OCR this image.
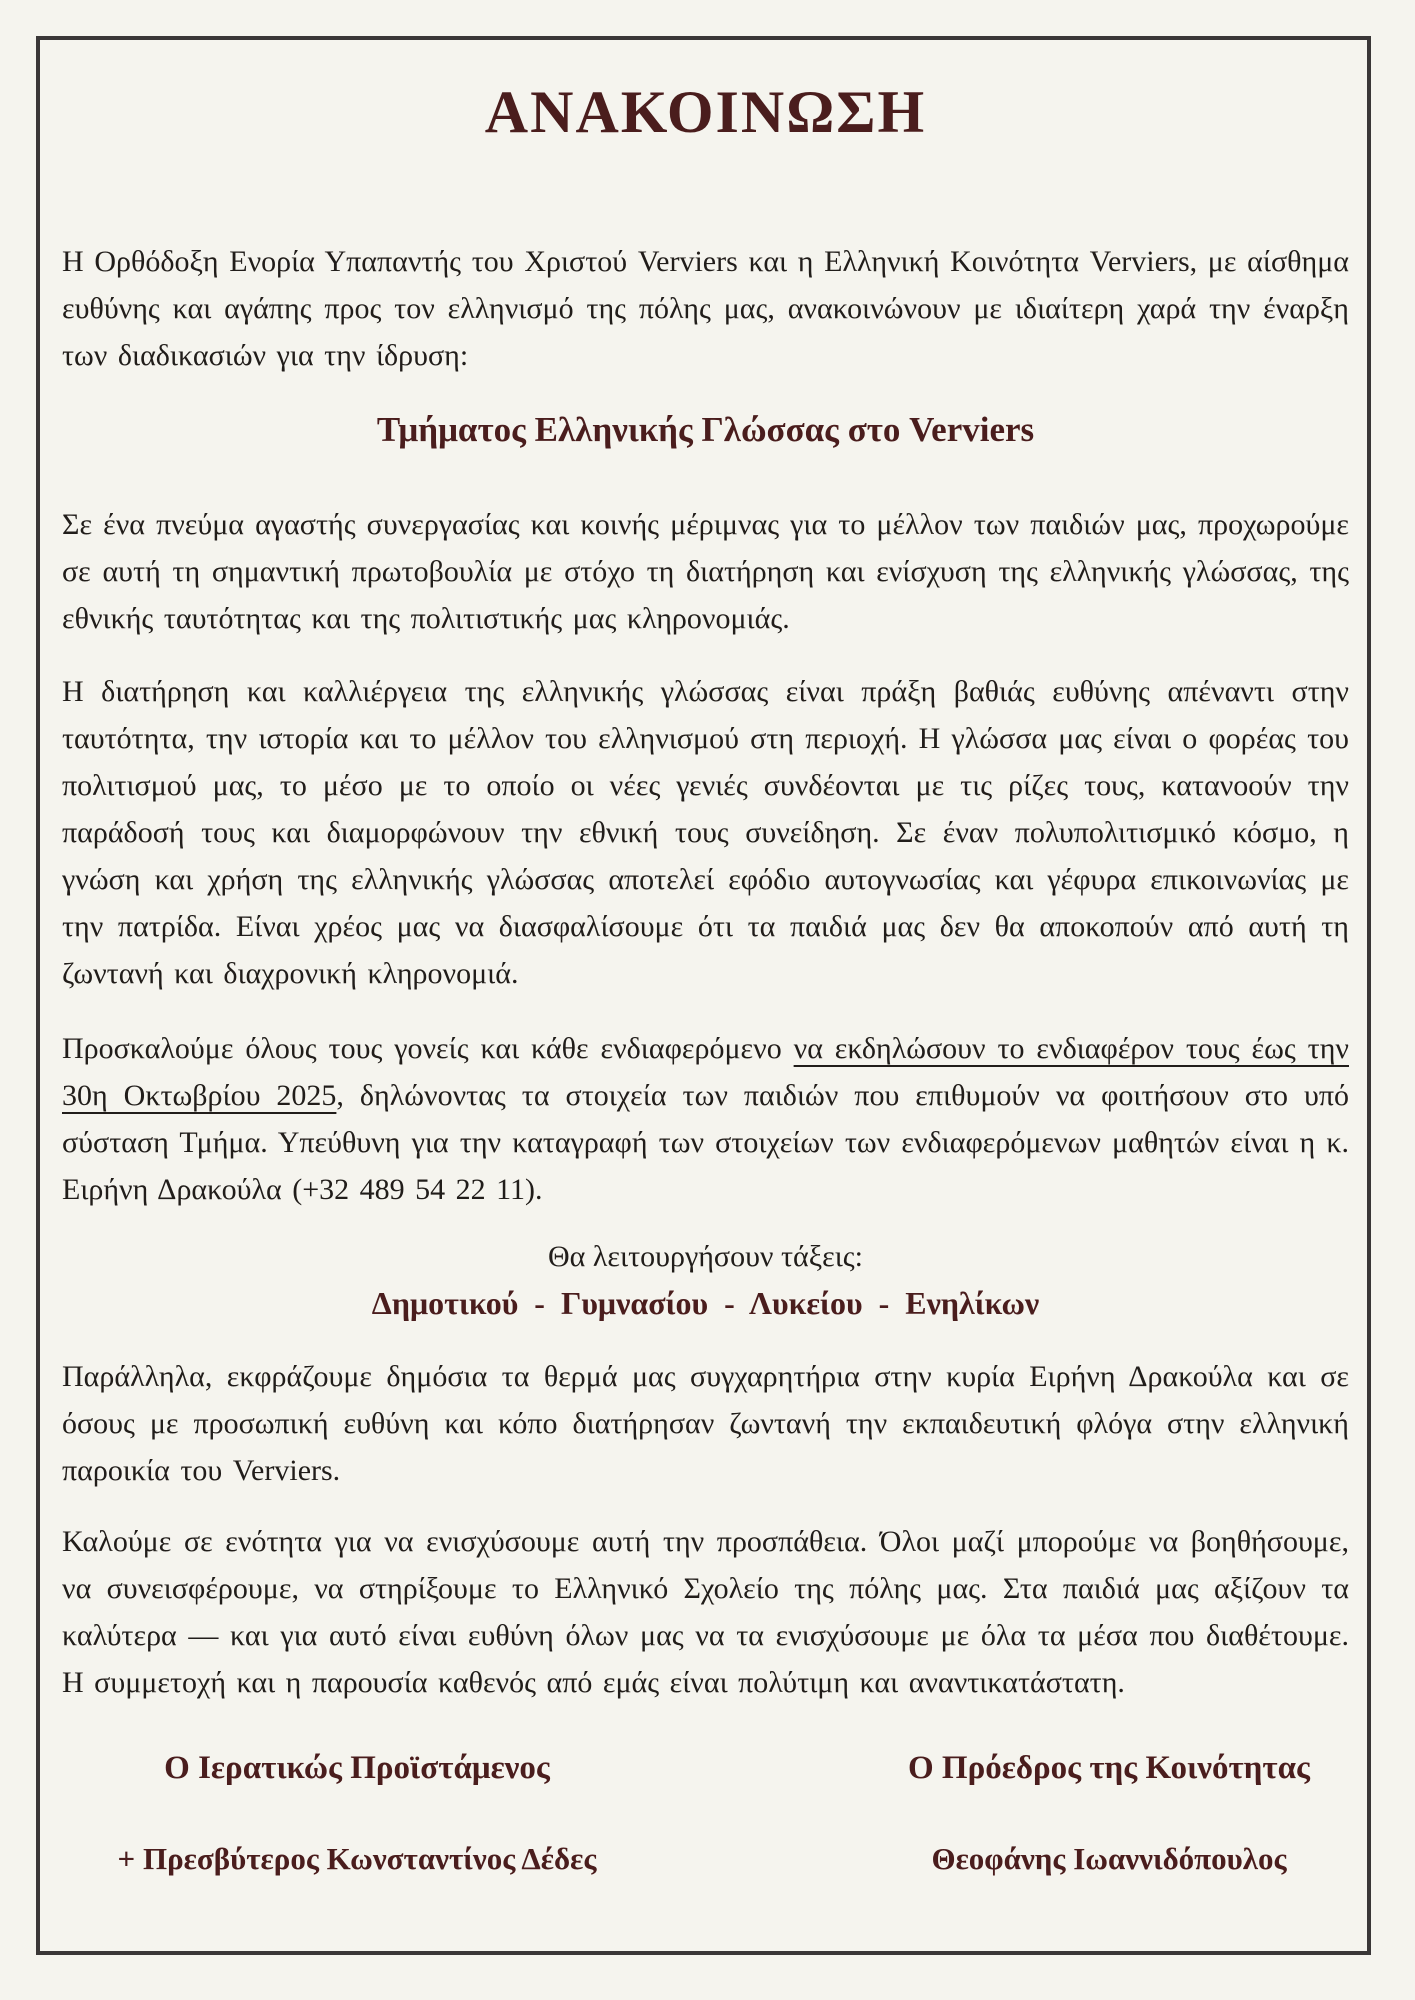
ΑΝΑΚΟΙΝΩΣΗ

Η Ορθόδοξη Ενορία Υπαπαντής του Χριστού Verviers και η Ελληνική Κοινότητα Verviers, με αίσθημα ευθύνης και αγάπης προς τον ελληνισμό της πόλης μας, ανακοινώνουν με ιδιαίτερη χαρά την έναρξη των διαδικασιών για την ίδρυση:

Τμήματος Ελληνικής Γλώσσας στο Verviers

Σε ένα πνεύμα αγαστής συνεργασίας και κοινής μέριμνας για το μέλλον των παιδιών μας, προχωρούμε σε αυτή τη σημαντική πρωτοβουλία με στόχο τη διατήρηση και ενίσχυση της ελληνικής γλώσσας, της εθνικής ταυτότητας και της πολιτιστικής μας κληρονομιάς.

Η διατήρηση και καλλιέργεια της ελληνικής γλώσσας είναι πράξη βαθιάς ευθύνης απέναντι στην ταυτότητα, την ιστορία και το μέλλον του ελληνισμού στη περιοχή. Η γλώσσα μας είναι ο φορέας του πολιτισμού μας, το μέσο με το οποίο οι νέες γενιές συνδέονται με τις ρίζες τους, κατανοούν την παράδοσή τους και διαμορφώνουν την εθνική τους συνείδηση. Σε έναν πολυπολιτισμικό κόσμο, η γνώση και χρήση της ελληνικής γλώσσας αποτελεί εφόδιο αυτογνωσίας και γέφυρα επικοινωνίας με την πατρίδα. Είναι χρέος μας να διασφαλίσουμε ότι τα παιδιά μας δεν θα αποκοπούν από αυτή τη ζωντανή και διαχρονική κληρονομιά.

Προσκαλούμε όλους τους γονείς και κάθε ενδιαφερόμενο να εκδηλώσουν το ενδιαφέρον τους έως την 30η Οκτωβρίου 2025, δηλώνοντας τα στοιχεία των παιδιών που επιθυμούν να φοιτήσουν στο υπό σύσταση Τμήμα. Υπεύθυνη για την καταγραφή των στοιχείων των ενδιαφερόμενων μαθητών είναι η κ. Ειρήνη Δρακούλα (+32 489 54 22 11).

Θα λειτουργήσουν τάξεις:

Δημοτικού - Γυμνασίου - Λυκείου - Ενηλίκων

Παράλληλα, εκφράζουμε δημόσια τα θερμά μας συγχαρητήρια στην κυρία Ειρήνη Δρακούλα και σε όσους με προσωπική ευθύνη και κόπο διατήρησαν ζωντανή την εκπαιδευτική φλόγα στην ελληνική παροικία του Verviers.

Καλούμε σε ενότητα για να ενισχύσουμε αυτή την προσπάθεια. Όλοι μαζί μπορούμε να βοηθήσουμε, να συνεισφέρουμε, να στηρίξουμε το Ελληνικό Σχολείο της πόλης μας. Στα παιδιά μας αξίζουν τα καλύτερα — και για αυτό είναι ευθύνη όλων μας να τα ενισχύσουμε με όλα τα μέσα που διαθέτουμε. Η συμμετοχή και η παρουσία καθενός από εμάς είναι πολύτιμη και αναντικατάστατη.

Ο Ιερατικώς Προϊστάμενος
+ Πρεσβύτερος Κωνσταντίνος Δέδες
Ο Πρόεδρος της Κοινότητας
Θεοφάνης Ιωαννιδόπουλος
